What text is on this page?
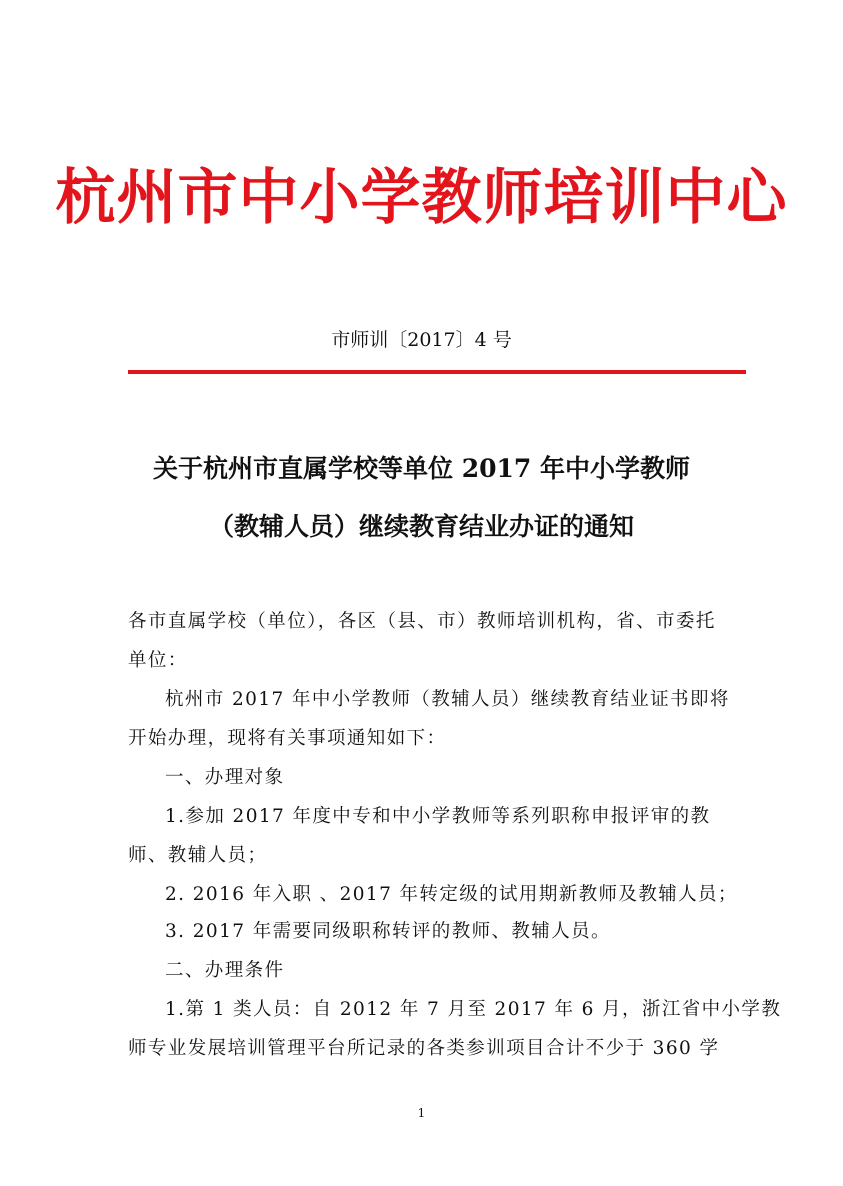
杭州市中小学教师培训中心
市师训〔2017〕4 号
关于杭州市直属学校等单位 2017 年中小学教师
（教辅人员）继续教育结业办证的通知
各市直属学校（单位），各区（县、市）教师培训机构，省、市委托
单位：
杭州市 2017 年中小学教师（教辅人员）继续教育结业证书即将
开始办理，现将有关事项通知如下：
一、办理对象
1.参加 2017 年度中专和中小学教师等系列职称申报评审的教
师、教辅人员；
2. 2016 年入职 、2017 年转定级的试用期新教师及教辅人员；
3. 2017 年需要同级职称转评的教师、教辅人员。
二、办理条件
1.第 1 类人员：自 2012 年 7 月至 2017 年 6 月，浙江省中小学教
师专业发展培训管理平台所记录的各类参训项目合计不少于 360 学
1
